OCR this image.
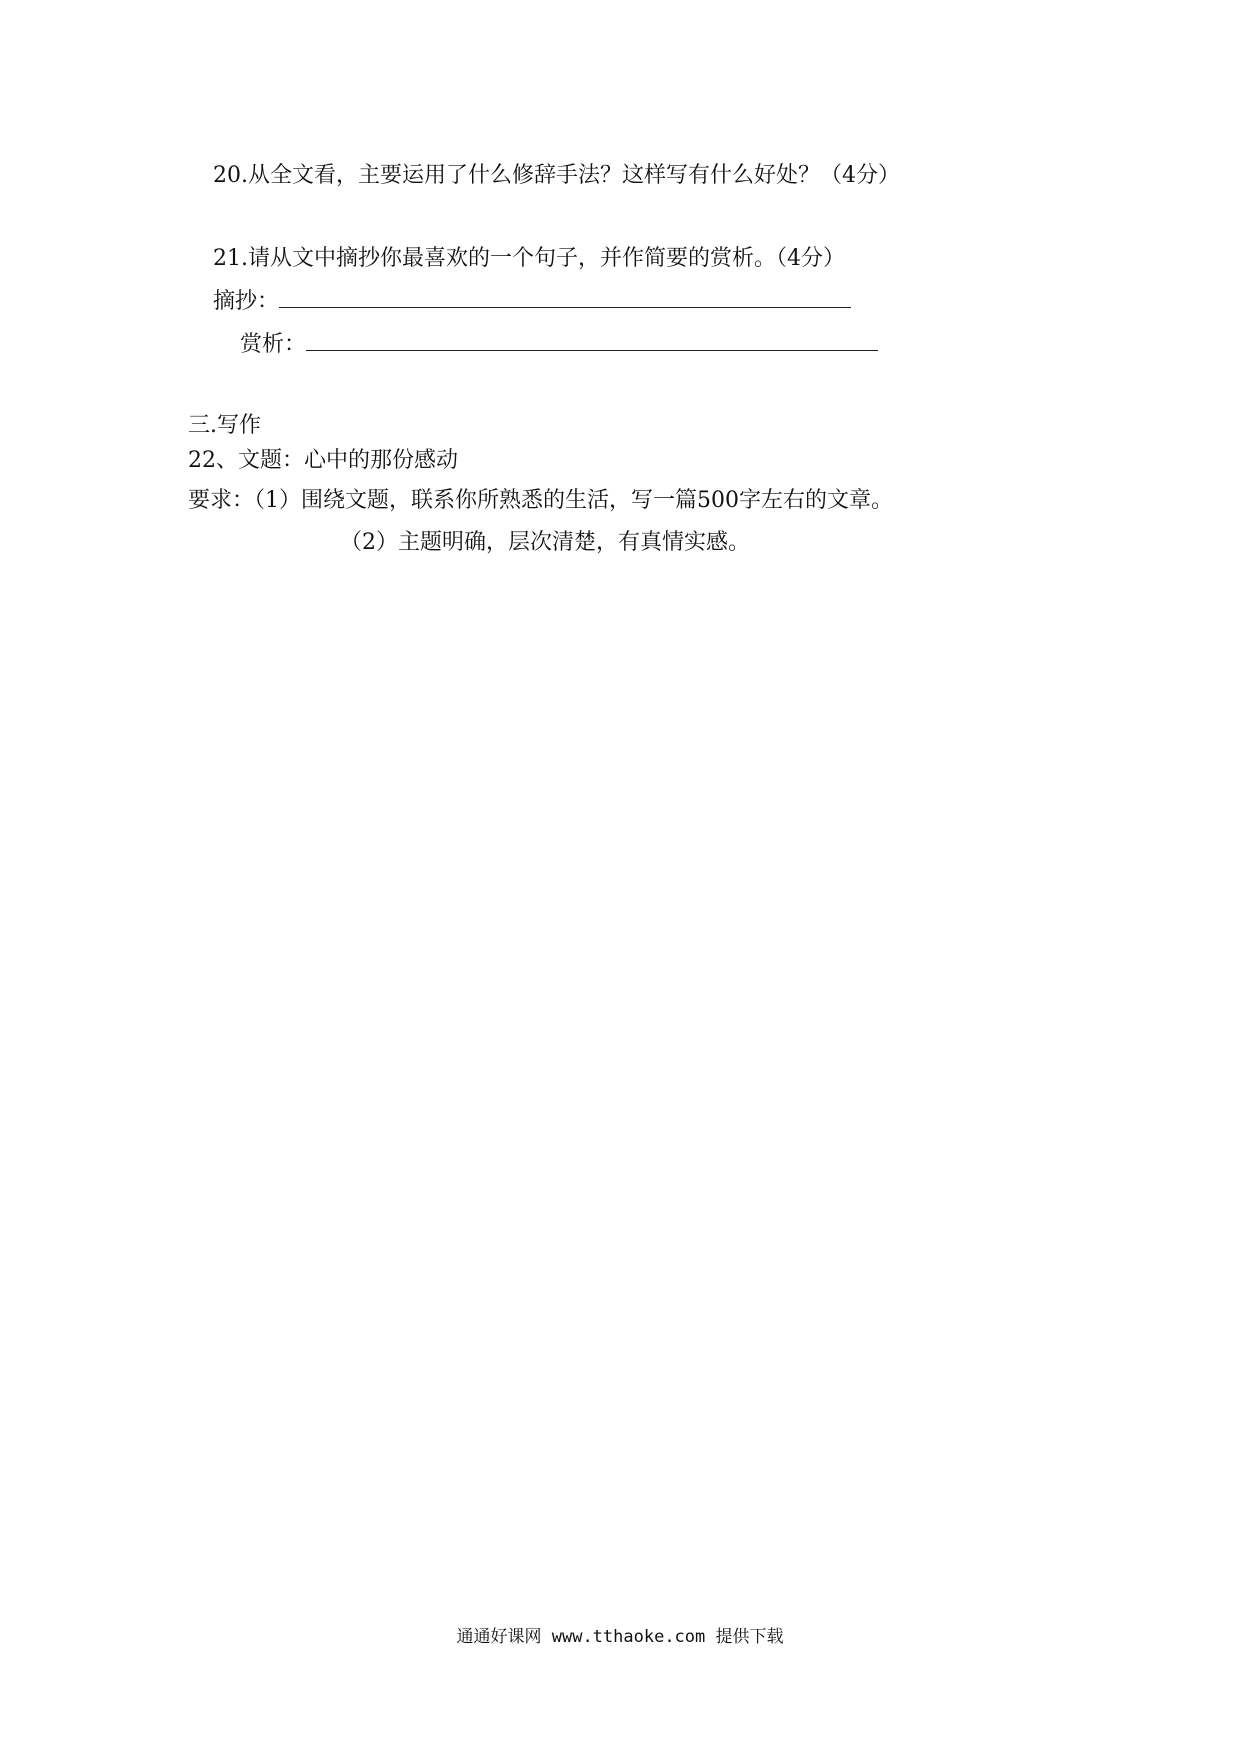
20.从全文看，主要运用了什么修辞手法？这样写有什么好处？（4分）
21.请从文中摘抄你最喜欢的一个句子，并作简要的赏析。（4分）
摘抄：
赏析：
三.写作
22、文题：心中的那份感动
要求：（1）围绕文题，联系你所熟悉的生活，写一篇500字左右的文章。
（2）主题明确，层次清楚，有真情实感。
通通好课网 www.tthaoke.com 提供下载
